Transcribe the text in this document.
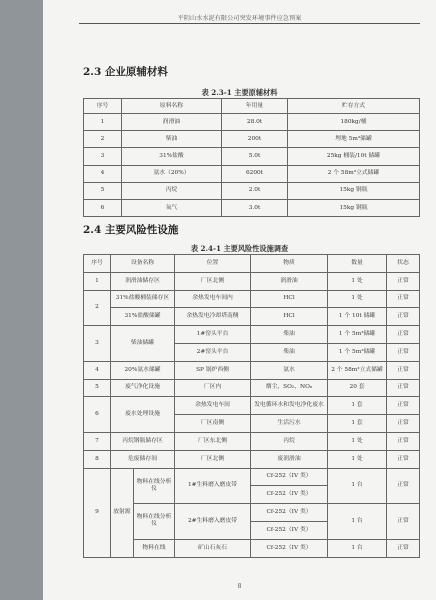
平阴山水水泥有限公司突发环境事件应急预案
2.3 企业原辅材料
表 2.3-1 主要原辅材料
序号	原料名称	年用量	贮存方式
1	润滑油	28.0t	180kg/桶
2	柴油	200t	埋地 5m³储罐
3	31%盐酸	5.0t	25kg 桶装/10t 储罐
4	氨水（20%）	6200t	2 个 58m³立式储罐
5	丙烷	2.0t	15kg 钢瓶
6	氧气	3.0t	15kg 钢瓶
2.4 主要风险性设施
表 2.4-1 主要风险性设施调查
序号	设备名称		位置	物质	数量	状态
1	润滑油储存区		厂区北侧	润滑油	1 处	正常
2	31%盐酸桶装储存区		余热发电车间内	HCl	1 处	正常
	31%盐酸储罐		余热发电冷却塔南侧	HCl	1 个 10t 储罐	正常
3	柴油储罐		1#窑头平台	柴油	1 个 5m³储罐	正常
			2#窑头平台	柴油	1 个 5m³储罐	正常
4	20%氨水储罐		SP 锅炉西侧	氨水	2 个 58m³立式储罐	正常
5	废气净化设施		厂区内	烟尘、SO₂、NOₓ	20 套	正常
6	废水处理设施		余热发电车间	发电循环水和发电净化废水	1 套	正常
			厂区南侧	生活污水	1 套	正常
7	丙烷钢瓶储存区		厂区东北侧	丙烷	1 处	正常
8	危废储存间		厂区北侧	废润滑油	1 处	正常
9	放射源	物料在线分析仪	1#生料磨入磨皮带	Cf-252（IV 类）	1 台	正常
				Cf-252（IV 类）		
		物料在线分析仪	2#生料磨入磨皮带	Cf-252（IV 类）	1 台	正常
				Cf-252（IV 类）		
		物料在线	矿山石灰石	Cf-252（IV 类）	1 台	正常
8
